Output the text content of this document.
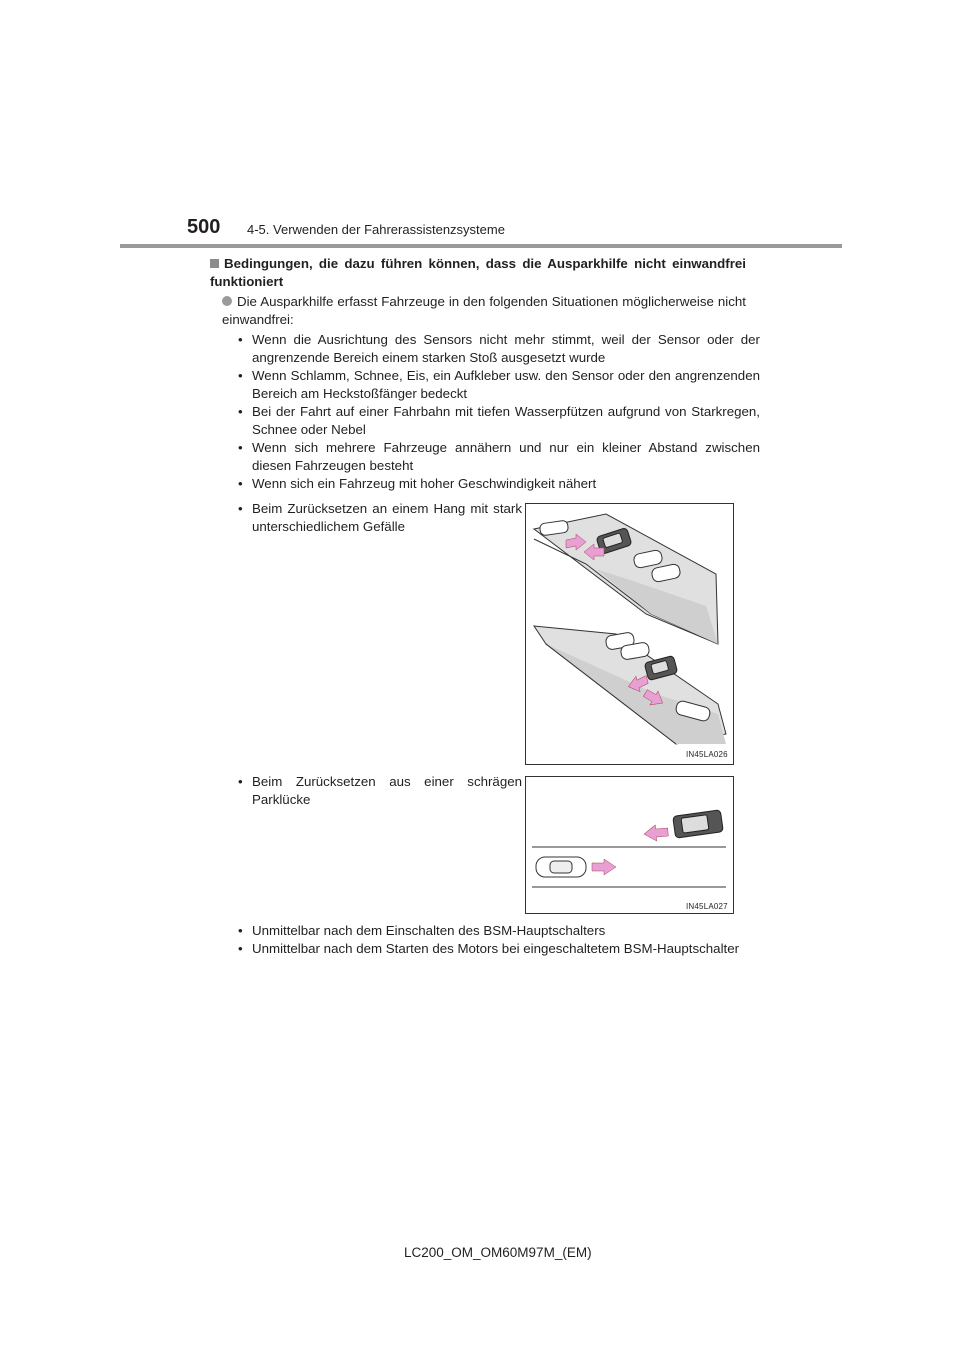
500 4-5. Verwenden der Fahrerassistenzsysteme
Bedingungen, die dazu führen können, dass die Ausparkhilfe nicht einwandfrei funktioniert
Die Ausparkhilfe erfasst Fahrzeuge in den folgenden Situationen möglicherweise nicht einwandfrei:
• Wenn die Ausrichtung des Sensors nicht mehr stimmt, weil der Sensor oder der angrenzende Bereich einem starken Stoß ausgesetzt wurde
• Wenn Schlamm, Schnee, Eis, ein Aufkleber usw. den Sensor oder den angrenzenden Bereich am Heckstoßfänger bedeckt
• Bei der Fahrt auf einer Fahrbahn mit tiefen Wasserpfützen aufgrund von Starkregen, Schnee oder Nebel
• Wenn sich mehrere Fahrzeuge annähern und nur ein kleiner Abstand zwischen diesen Fahrzeugen besteht
• Wenn sich ein Fahrzeug mit hoher Geschwindigkeit nähert
• Beim Zurücksetzen an einem Hang mit stark unterschiedlichem Gefälle
IN45LA026
• Beim Zurücksetzen aus einer schrägen Parklücke
IN45LA027
• Unmittelbar nach dem Einschalten des BSM-Hauptschalters
• Unmittelbar nach dem Starten des Motors bei eingeschaltetem BSM-Hauptschalter
LC200_OM_OM60M97M_(EM)
